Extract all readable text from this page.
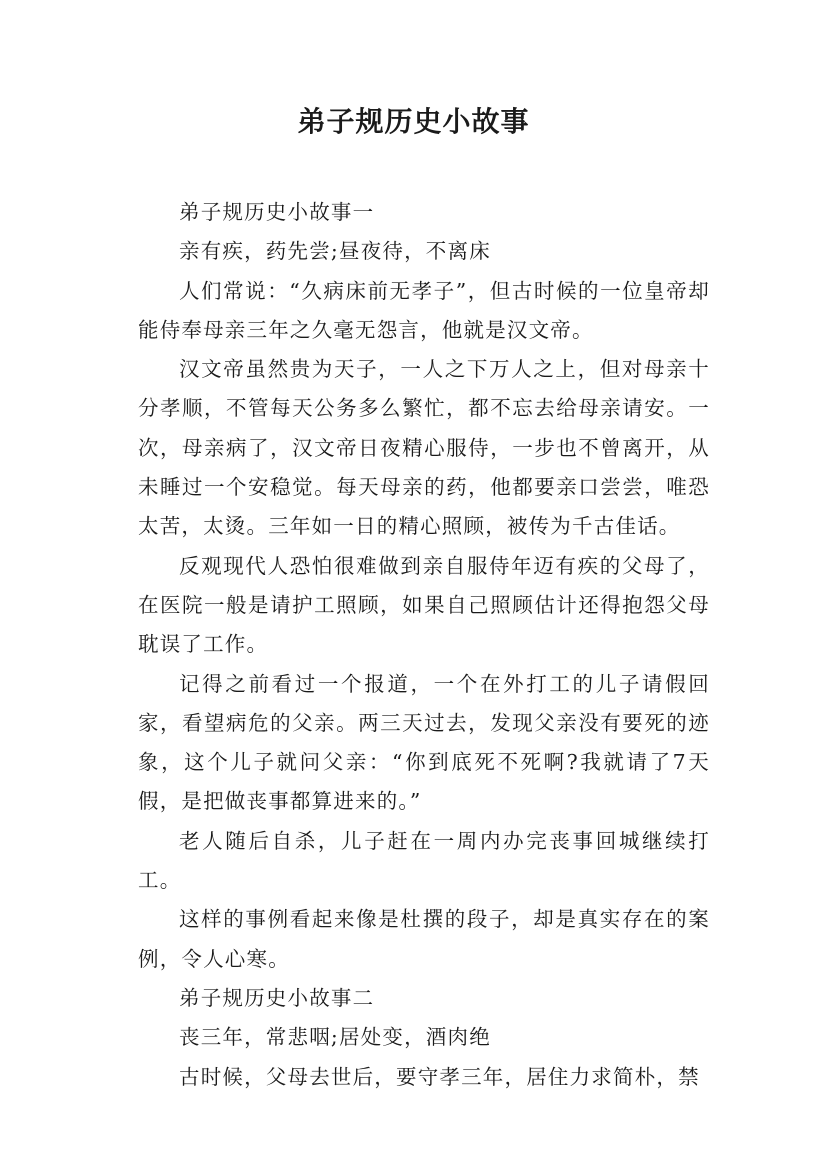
弟子规历史小故事

弟子规历史小故事一

亲有疾，药先尝;昼夜待，不离床

人们常说：“久病床前无孝子”，但古时候的一位皇帝却能侍奉母亲三年之久毫无怨言，他就是汉文帝。

汉文帝虽然贵为天子，一人之下万人之上，但对母亲十分孝顺，不管每天公务多么繁忙，都不忘去给母亲请安。一次，母亲病了，汉文帝日夜精心服侍，一步也不曾离开，从未睡过一个安稳觉。每天母亲的药，他都要亲口尝尝，唯恐太苦，太烫。三年如一日的精心照顾，被传为千古佳话。

反观现代人恐怕很难做到亲自服侍年迈有疾的父母了，在医院一般是请护工照顾，如果自己照顾估计还得抱怨父母耽误了工作。

记得之前看过一个报道，一个在外打工的儿子请假回家，看望病危的父亲。两三天过去，发现父亲没有要死的迹象，这个儿子就问父亲：“你到底死不死啊?我就请了7天假，是把做丧事都算进来的。”

老人随后自杀，儿子赶在一周内办完丧事回城继续打工。

这样的事例看起来像是杜撰的段子，却是真实存在的案例，令人心寒。

弟子规历史小故事二

丧三年，常悲咽;居处变，酒肉绝

古时候，父母去世后，要守孝三年，居住力求简朴，禁
